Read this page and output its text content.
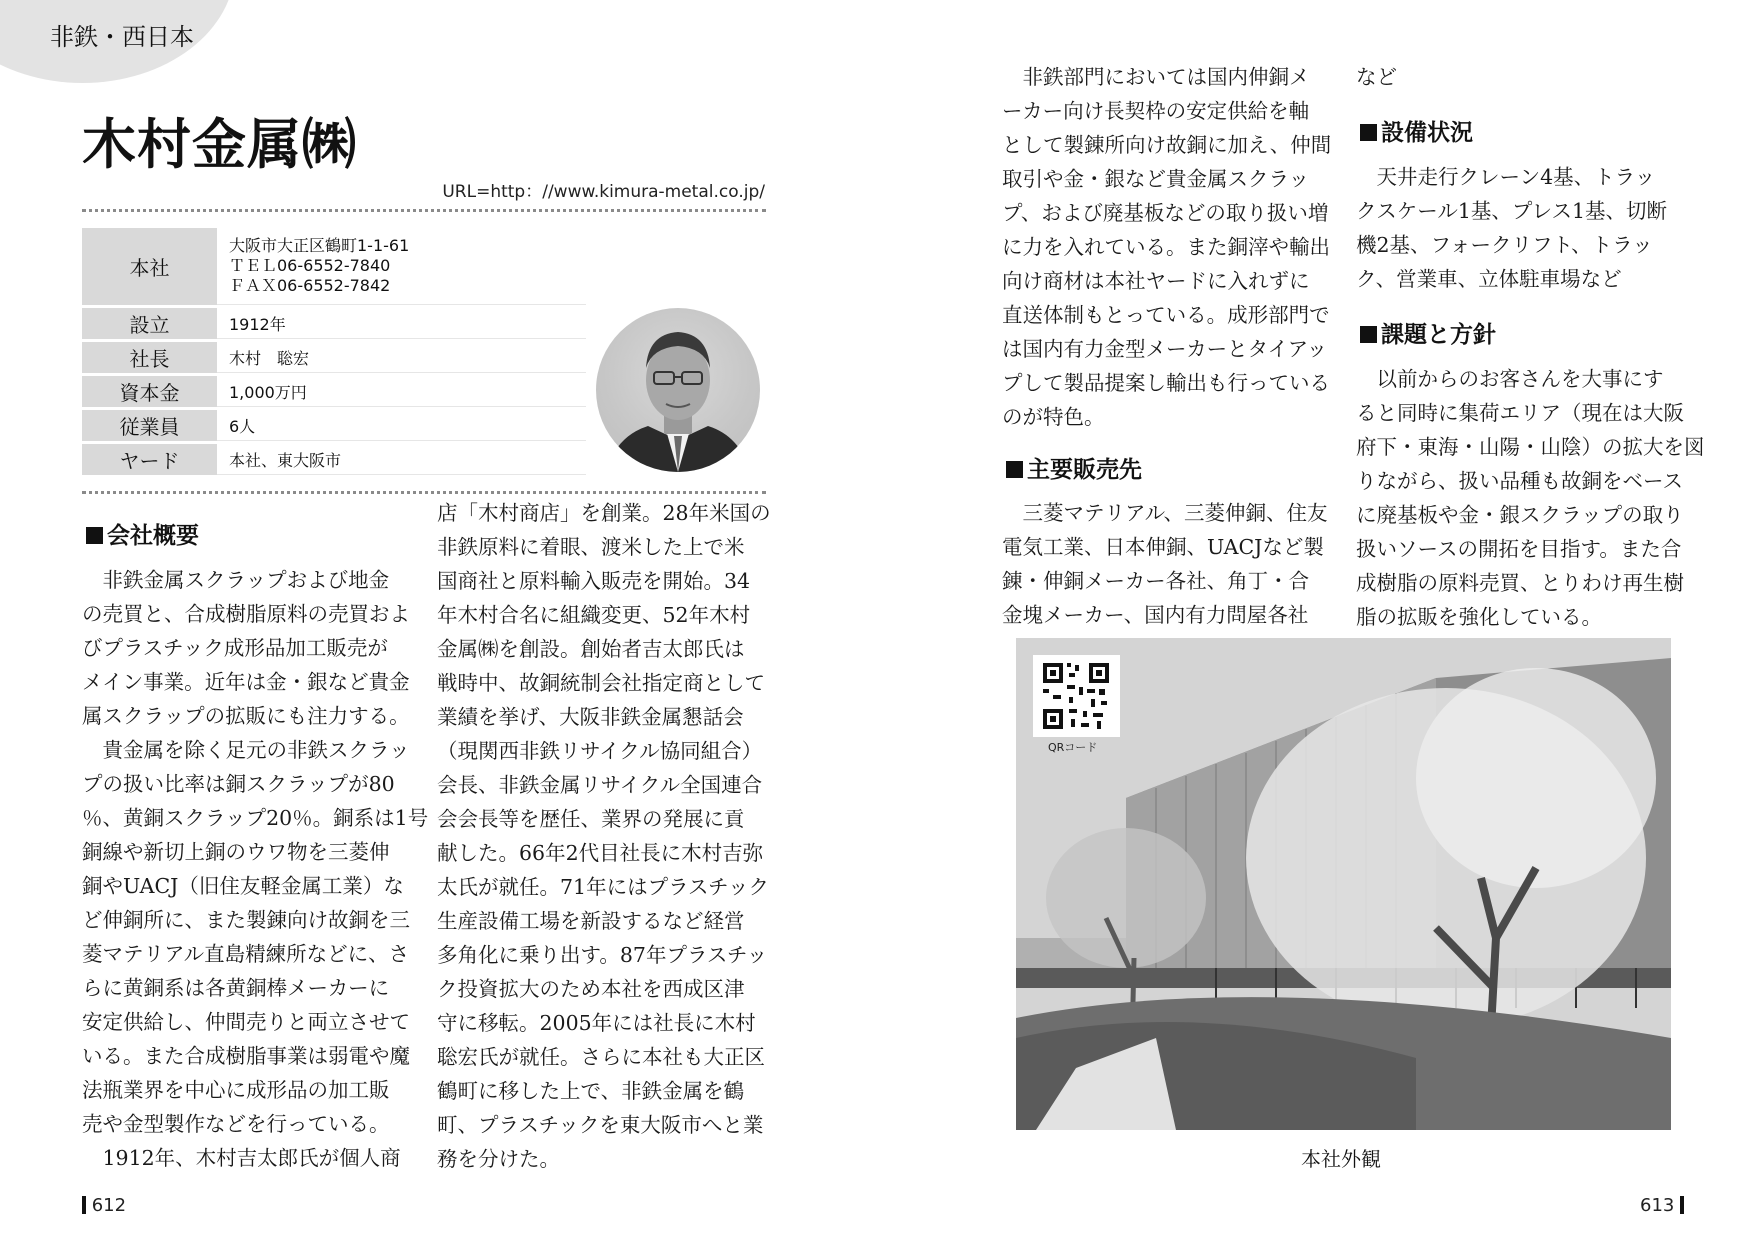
非鉄・西日本
木村金属㈱
URL=http：//www.kimura-metal.co.jp/
本社	大阪市大正区鶴町1-1-61
ＴＥＬ06-6552-7840
ＦＡＸ06-6552-7842

設立	1912年
社長	木村　聡宏
資本金	1,000万円
従業員	6人
ヤード	本社、東大阪市
会社概要
　非鉄金属スクラップおよび地金
の売買と、合成樹脂原料の売買およ
びプラスチック成形品加工販売が
メイン事業。近年は金・銀など貴金
属スクラップの拡販にも注力する。
　貴金属を除く足元の非鉄スクラッ
プの扱い比率は銅スクラップが80
％、黄銅スクラップ20％。銅系は1号
銅線や新切上銅のウワ物を三菱伸
銅やUACJ（旧住友軽金属工業）な
ど伸銅所に、また製錬向け故銅を三
菱マテリアル直島精練所などに、さ
らに黄銅系は各黄銅棒メーカーに
安定供給し、仲間売りと両立させて
いる。また合成樹脂事業は弱電や魔
法瓶業界を中心に成形品の加工販
売や金型製作などを行っている。
　1912年、木村吉太郎氏が個人商
店「木村商店」を創業。28年米国の
非鉄原料に着眼、渡米した上で米
国商社と原料輸入販売を開始。34
年木村合名に組織変更、52年木村
金属㈱を創設。創始者吉太郎氏は
戦時中、故銅統制会社指定商として
業績を挙げ、大阪非鉄金属懇話会
（現関西非鉄リサイクル協同組合）
会長、非鉄金属リサイクル全国連合
会会長等を歴任、業界の発展に貢
献した。66年2代目社長に木村吉弥
太氏が就任。71年にはプラスチック
生産設備工場を新設するなど経営
多角化に乗り出す。87年プラスチッ
ク投資拡大のため本社を西成区津
守に移転。2005年には社長に木村
聡宏氏が就任。さらに本社も大正区
鶴町に移した上で、非鉄金属を鶴
町、プラスチックを東大阪市へと業
務を分けた。
　非鉄部門においては国内伸銅メ
ーカー向け長契枠の安定供給を軸
として製錬所向け故銅に加え、仲間
取引や金・銀など貴金属スクラッ
プ、および廃基板などの取り扱い増
に力を入れている。また銅滓や輸出
向け商材は本社ヤードに入れずに
直送体制もとっている。成形部門で
は国内有力金型メーカーとタイアッ
プして製品提案し輸出も行っている
のが特色。
主要販売先
　三菱マテリアル、三菱伸銅、住友
電気工業、日本伸銅、UACJなど製
錬・伸銅メーカー各社、角丁・合
金塊メーカー、国内有力問屋各社
など
設備状況
　天井走行クレーン4基、トラッ
クスケール1基、プレス1基、切断
機2基、フォークリフト、トラッ
ク、営業車、立体駐車場など
課題と方針
　以前からのお客さんを大事にす
ると同時に集荷エリア（現在は大阪
府下・東海・山陽・山陰）の拡大を図
りながら、扱い品種も故銅をベース
に廃基板や金・銀スクラップの取り
扱いソースの開拓を目指す。また合
成樹脂の原料売買、とりわけ再生樹
脂の拡販を強化している。
QRコード
本社外観
612	613
